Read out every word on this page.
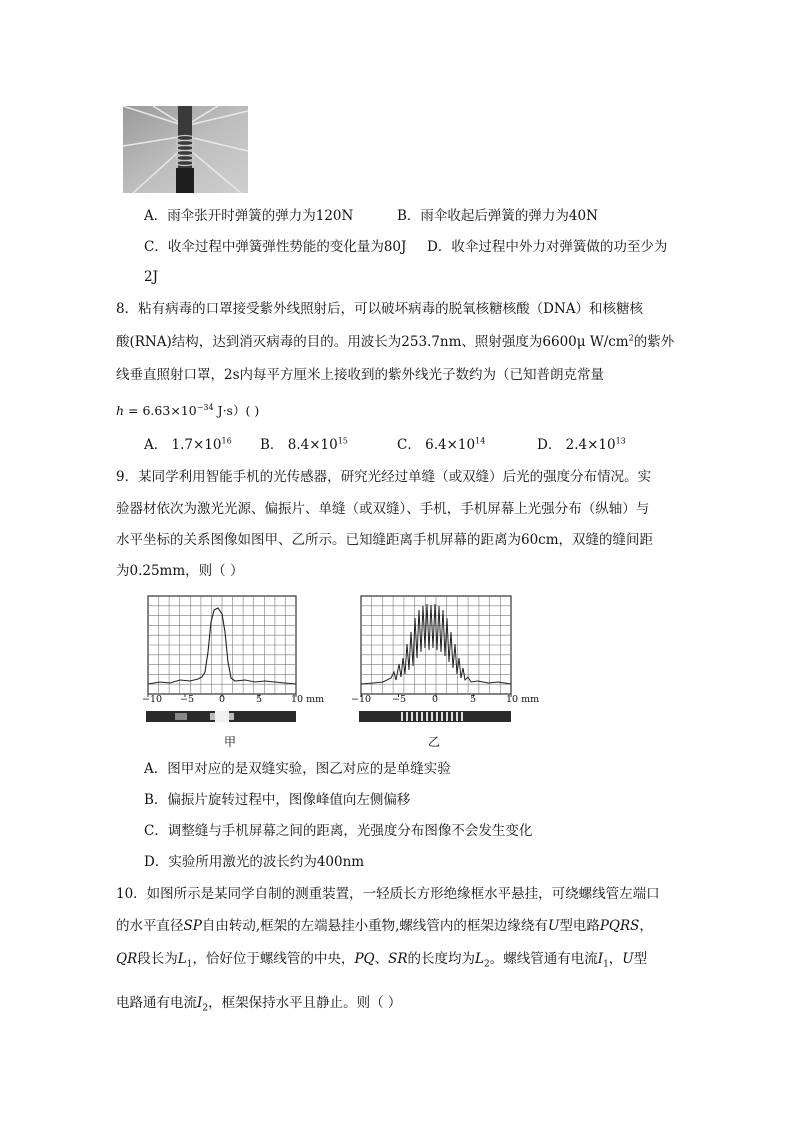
A．雨伞张开时弹簧的弹力为120N	B．雨伞收起后弹簧的弹力为40N
C．收伞过程中弹簧弹性势能的变化量为80J D．收伞过程中外力对弹簧做的功至少为
2J
8．粘有病毒的口罩接受紫外线照射后，可以破坏病毒的脱氧核糖核酸（DNA）和核糖核
酸(RNA)结构，达到消灭病毒的目的。用波长为253.7nm、照射强度为6600μ $W/cm^2$的紫外
线垂直照射口罩，2s内每平方厘米上接收到的紫外线光子数约为（已知普朗克常量
$h = 6.63\times 10^{-34}$ J·s）( )
A． $1.7\times 10^{16}$ B． $8.4\times 10^{15}$	C． $6.4\times 10^{14}$	D． $2.4\times 10^{13}$
9．某同学利用智能手机的光传感器，研究光经过单缝（或双缝）后光的强度分布情况。实
验器材依次为激光光源、偏振片、单缝（或双缝）、手机，手机屏幕上光强分布（纵轴）与
水平坐标的关系图像如图甲、乙所示。已知缝距离手机屏幕的距离为60cm，双缝的缝间距
为0.25mm，则（ ）
−10 −5	0	5	10 mm	−10 −5	0	5	10 mm
甲	乙
A．图甲对应的是双缝实验，图乙对应的是单缝实验
B．偏振片旋转过程中，图像峰值向左侧偏移
C．调整缝与手机屏幕之间的距离，光强度分布图像不会发生变化
D．实验所用激光的波长约为400nm
10．如图所示是某同学自制的测重装置，一轻质长方形绝缘框水平悬挂，可绕螺线管左端口
的水平直径SP自由转动,框架的左端悬挂小重物,螺线管内的框架边缘绕有U型电路PQRS，
QR段长为$L_1$，恰好位于螺线管的中央，PQ、SR的长度均为$L_2$。螺线管通有电流$I_1$，U型
电路通有电流$I_2$，框架保持水平且静止。则（ ）
